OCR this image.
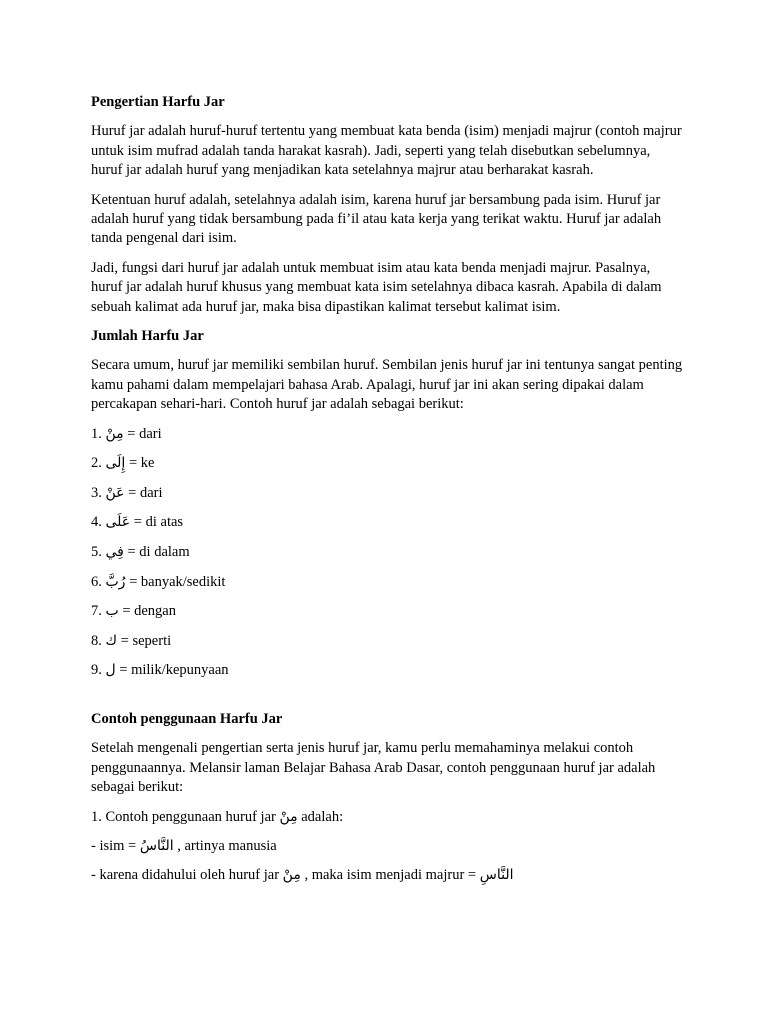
Pengertian Harfu Jar

Huruf jar adalah huruf-huruf tertentu yang membuat kata benda (isim) menjadi majrur (contoh majrur untuk isim mufrad adalah tanda harakat kasrah). Jadi, seperti yang telah disebutkan sebelumnya, huruf jar adalah huruf yang menjadikan kata setelahnya majrur atau berharakat kasrah.

Ketentuan huruf adalah, setelahnya adalah isim, karena huruf jar bersambung pada isim. Huruf jar adalah huruf yang tidak bersambung pada fi’il atau kata kerja yang terikat waktu. Huruf jar adalah tanda pengenal dari isim.

Jadi, fungsi dari huruf jar adalah untuk membuat isim atau kata benda menjadi majrur. Pasalnya, huruf jar adalah huruf khusus yang membuat kata isim setelahnya dibaca kasrah. Apabila di dalam sebuah kalimat ada huruf jar, maka bisa dipastikan kalimat tersebut kalimat isim.

Jumlah Harfu Jar

Secara umum, huruf jar memiliki sembilan huruf. Sembilan jenis huruf jar ini tentunya sangat penting kamu pahami dalam mempelajari bahasa Arab. Apalagi, huruf jar ini akan sering dipakai dalam percakapan sehari-hari. Contoh huruf jar adalah sebagai berikut:

1. مِنْ = dari
2. إِلَى = ke
3. عَنْ = dari
4. عَلَى = di atas
5. فِي = di dalam
6. رُبَّ = banyak/sedikit
7. ب = dengan
8. ك = seperti
9. ل = milik/kepunyaan

Contoh penggunaan Harfu Jar

Setelah mengenali pengertian serta jenis huruf jar, kamu perlu memahaminya melakui contoh penggunaannya. Melansir laman Belajar Bahasa Arab Dasar, contoh penggunaan huruf jar adalah sebagai berikut:

1. Contoh penggunaan huruf jar مِنْ adalah:

- isim = النَّاسُ , artinya manusia

- karena didahului oleh huruf jar مِنْ , maka isim menjadi majrur = النَّاسِ
